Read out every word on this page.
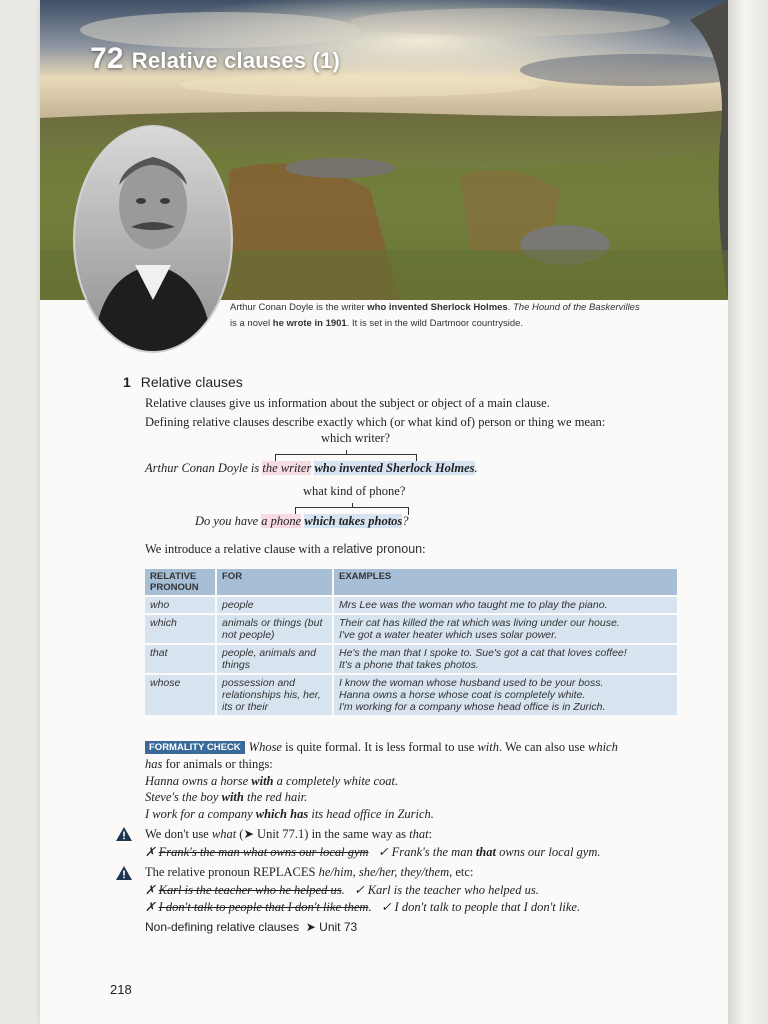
72 Relative clauses (1)
Arthur Conan Doyle is the writer who invented Sherlock Holmes. The Hound of the Baskervilles
is a novel he wrote in 1901. It is set in the wild Dartmoor countryside.
1 Relative clauses
Relative clauses give us information about the subject or object of a main clause.
Defining relative clauses describe exactly which (or what kind of) person or thing we mean:
which writer?
Arthur Conan Doyle is the writer who invented Sherlock Holmes.
what kind of phone?
Do you have a phone which takes photos?
We introduce a relative clause with a relative pronoun:
RELATIVE PRONOUN	FOR	EXAMPLES
who	people	Mrs Lee was the woman who taught me to play the piano.

which	animals or things (but not people)	Their cat has killed the rat which was living under our house.
I've got a water heater which uses solar power.

that	people, animals and things	He's the man that I spoke to. Sue's got a cat that loves coffee!
It's a phone that takes photos.

whose	possession and relationships his, her, its or their	I know the woman whose husband used to be your boss.
Hanna owns a horse whose coat is completely white.
I'm working for a company whose head office is in Zurich.
FORMALITY CHECK Whose is quite formal. It is less formal to use with. We can also use which
has for animals or things:
Hanna owns a horse with a completely white coat.
Steve's the boy with the red hair.
I work for a company which has its head office in Zurich.
We don't use what (➤ Unit 77.1) in the same way as that:
✗ Frank's the man what owns our local gym ✓ Frank's the man that owns our local gym.
The relative pronoun REPLACES he/him, she/her, they/them, etc:
✗ Karl is the teacher who he helped us.   ✓ Karl is the teacher who helped us.
✗ I don't talk to people that I don't like them.   ✓ I don't talk to people that I don't like.
Non-defining relative clauses ➤ Unit 73
218
